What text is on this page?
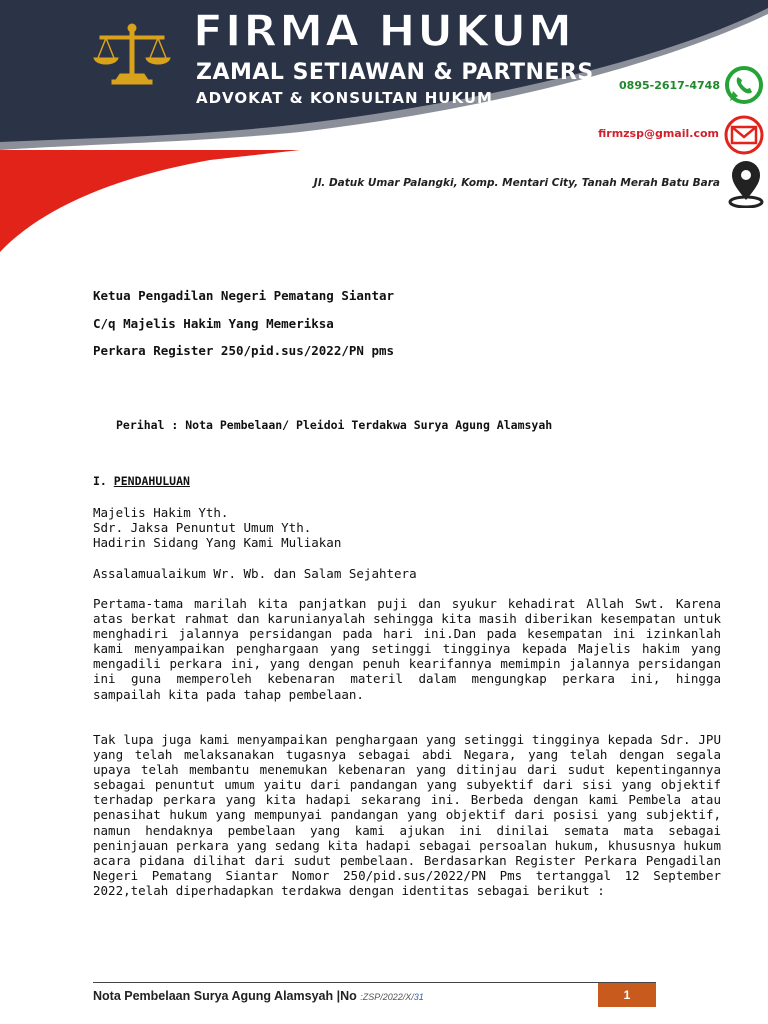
FIRMA HUKUM
ZAMAL SETIAWAN & PARTNERS
ADVOKAT & KONSULTAN HUKUM
0895-2617-4748
firmzsp@gmail.com
Jl. Datuk Umar Palangki, Komp. Mentari City, Tanah Merah Batu Bara

Ketua Pengadilan Negeri Pematang Siantar

C/q Majelis Hakim Yang Memeriksa

Perkara Register 250/pid.sus/2022/PN pms

Perihal : Nota Pembelaan/ Pleidoi Terdakwa Surya Agung Alamsyah

I. PENDAHULUAN

Majelis Hakim Yth.
Sdr. Jaksa Penuntut Umum Yth.
Hadirin Sidang Yang Kami Muliakan

Assalamualaikum Wr. Wb. dan Salam Sejahtera

Pertama-tama marilah kita panjatkan puji dan syukur kehadirat Allah Swt. Karena atas berkat rahmat dan karunianyalah sehingga kita masih diberikan kesempatan untuk menghadiri jalannya persidangan pada hari ini.Dan pada kesempatan ini izinkanlah kami menyampaikan penghargaan yang setinggi tingginya kepada Majelis hakim yang mengadili perkara ini, yang dengan penuh kearifannya memimpin jalannya persidangan ini guna memperoleh kebenaran materil dalam mengungkap perkara ini, hingga sampailah kita pada tahap pembelaan.

Tak lupa juga kami menyampaikan penghargaan yang setinggi tingginya kepada Sdr. JPU yang telah melaksanakan tugasnya sebagai abdi Negara, yang telah dengan segala upaya telah membantu menemukan kebenaran yang ditinjau dari sudut kepentingannya sebagai penuntut umum yaitu dari pandangan yang subyektif dari sisi yang objektif terhadap perkara yang kita hadapi sekarang ini. Berbeda dengan kami Pembela atau penasihat hukum yang mempunyai pandangan yang objektif dari posisi yang subjektif, namun hendaknya pembelaan yang kami ajukan ini dinilai semata mata sebagai peninjauan perkara yang sedang kita hadapi sebagai persoalan hukum, khususnya hukum acara pidana dilihat dari sudut pembelaan. Berdasarkan Register Perkara Pengadilan Negeri Pematang Siantar Nomor 250/pid.sus/2022/PN Pms tertanggal 12 September 2022,telah diperhadapkan terdakwa dengan identitas sebagai berikut :

Nota Pembelaan Surya Agung Alamsyah |No :ZSP/2022/X/31	1
